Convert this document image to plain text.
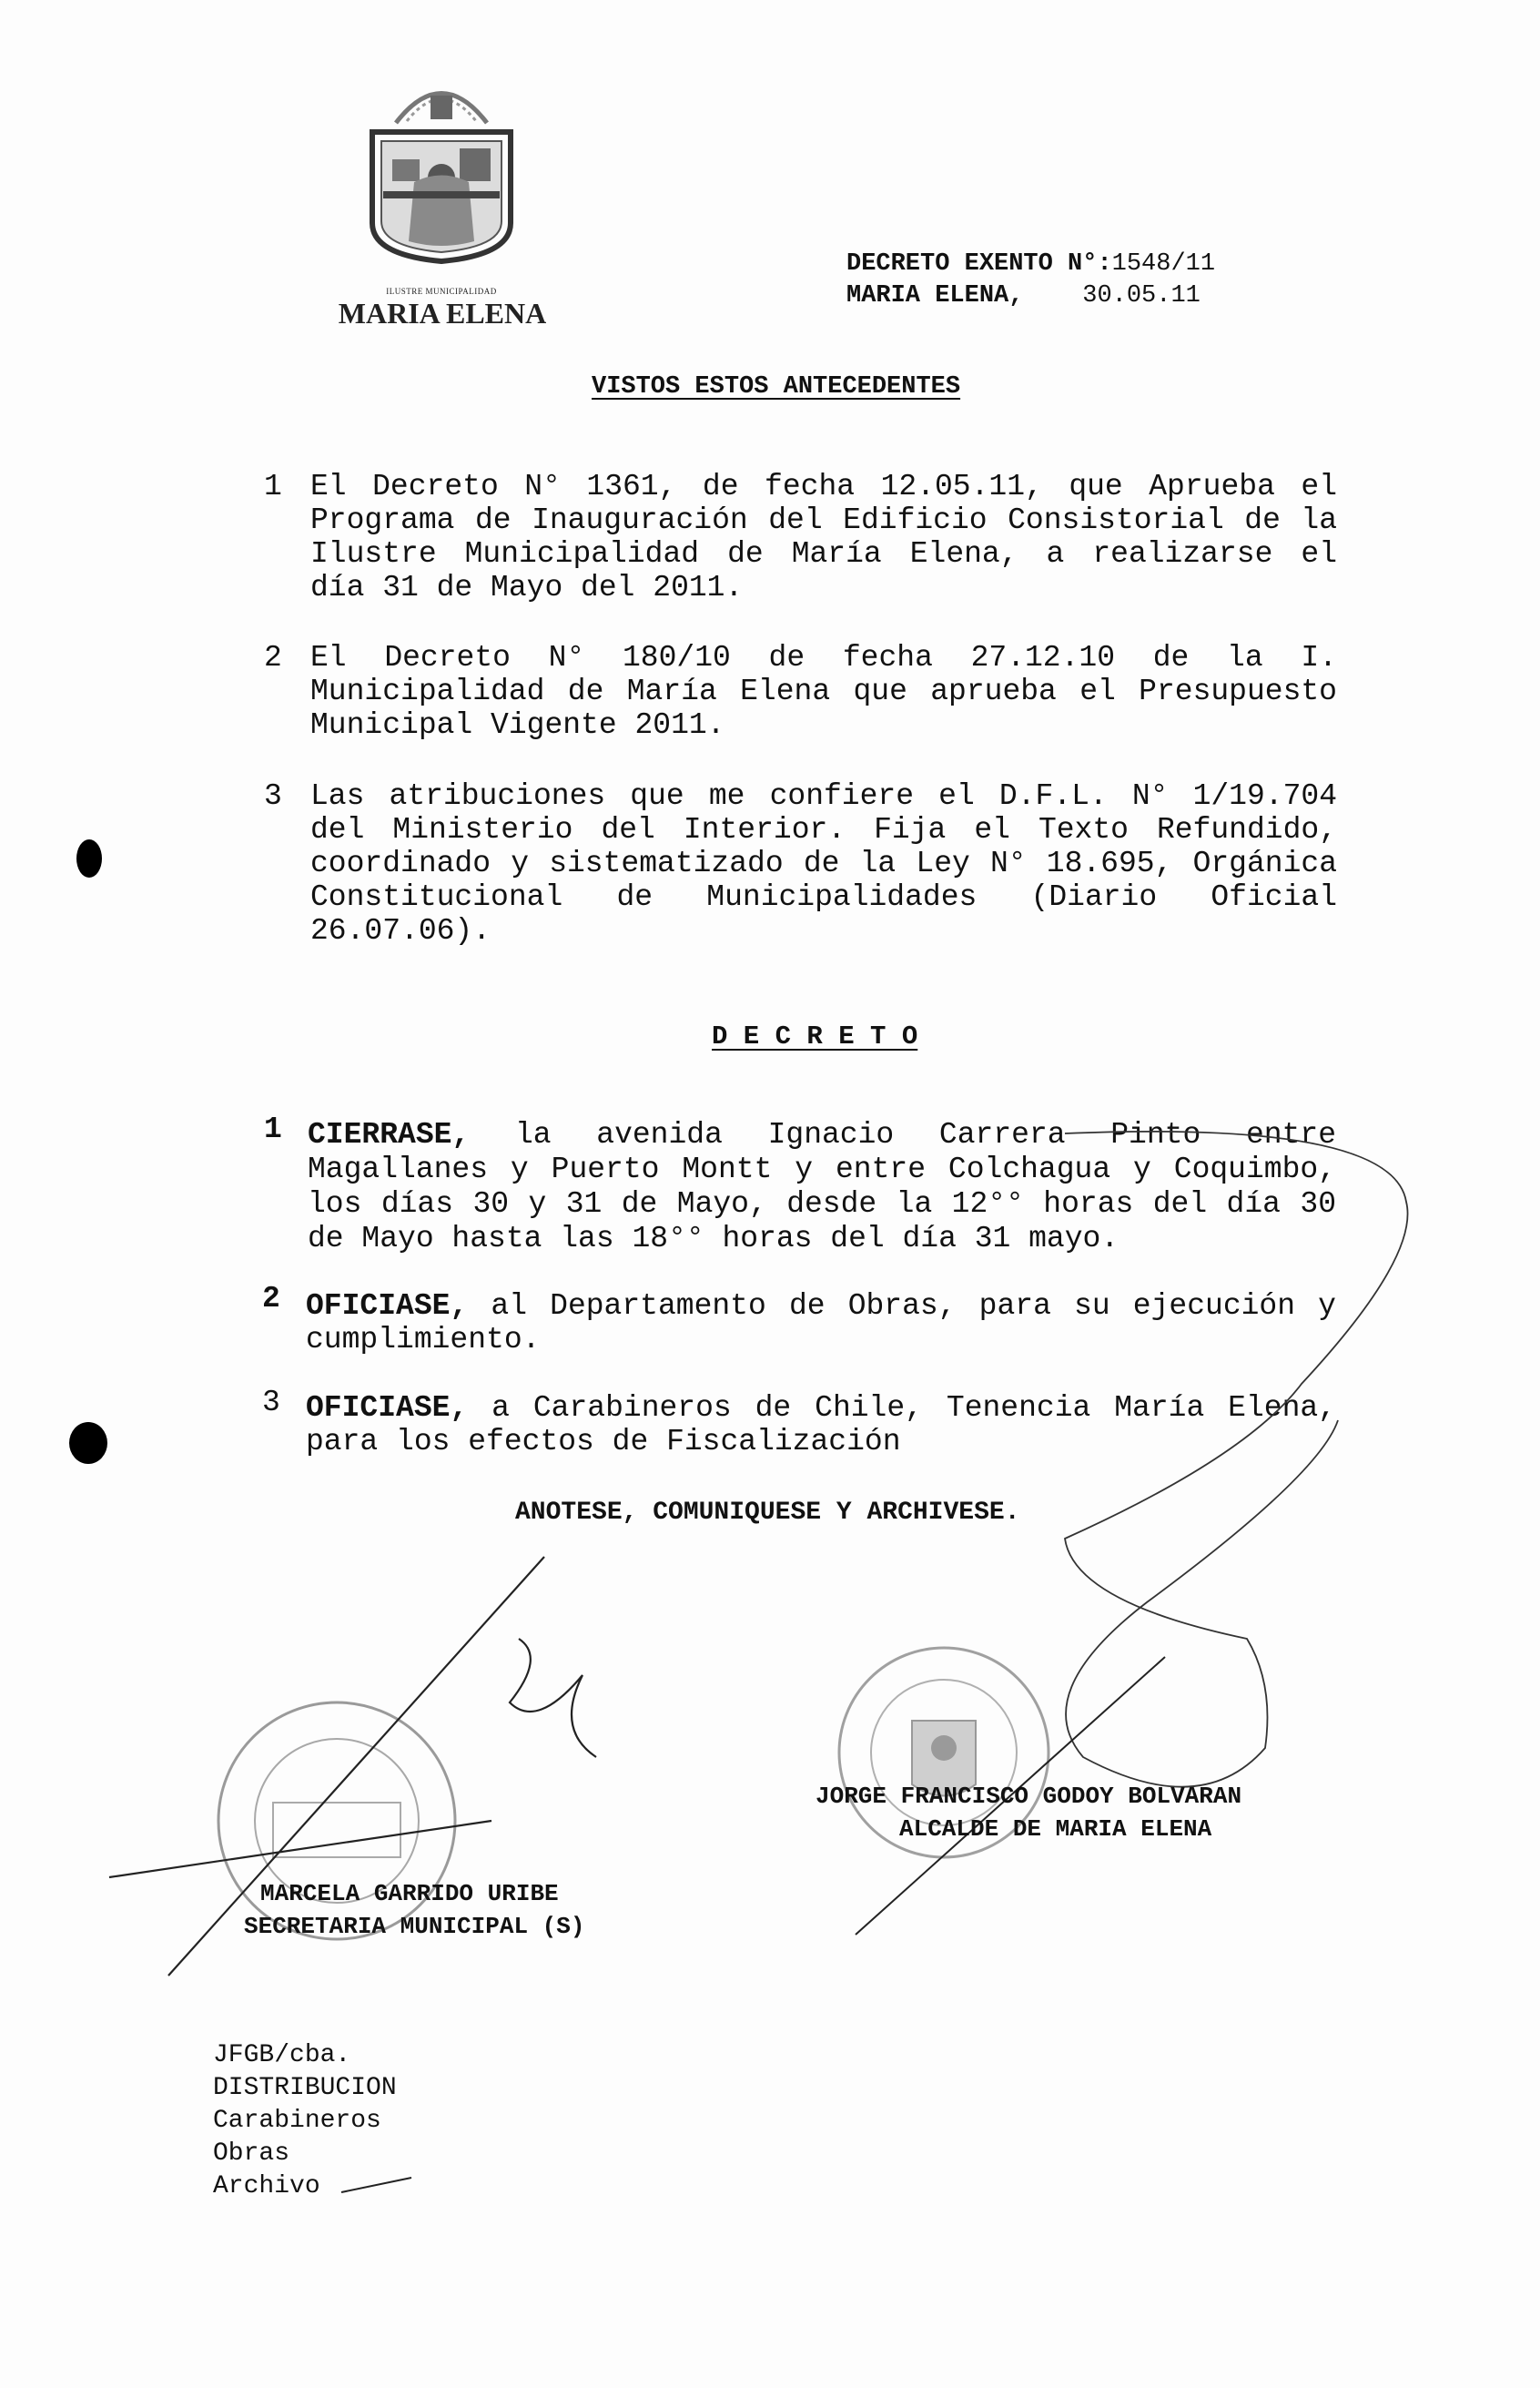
ILUSTRE MUNICIPALIDAD
MARIA ELENA
DECRETO EXENTO N°:1548/11
MARIA ELENA, 30.05.11
VISTOS ESTOS ANTECEDENTES
1 El Decreto N° 1361, de fecha 12.05.11, que Aprueba el Programa de Inauguración del Edificio Consistorial de la Ilustre Municipalidad de María Elena, a realizarse el día 31 de Mayo del 2011.
2 El Decreto N° 180/10 de fecha 27.12.10 de la I. Municipalidad de María Elena que aprueba el Presupuesto Municipal Vigente 2011.
3 Las atribuciones que me confiere el D.F.L. N° 1/19.704 del Ministerio del Interior. Fija el Texto Refundido, coordinado y sistematizado de la Ley N° 18.695, Orgánica Constitucional de Municipalidades (Diario Oficial 26.07.06).
D E C R E T O
1 CIERRASE, la avenida Ignacio Carrera Pinto entre Magallanes y Puerto Montt y entre Colchagua y Coquimbo, los días 30 y 31 de Mayo, desde la 12°° horas del día 30 de Mayo hasta las 18°° horas del día 31 mayo.
2 OFICIASE, al Departamento de Obras, para su ejecución y cumplimiento.
3 OFICIASE, a Carabineros de Chile, Tenencia María Elena, para los efectos de Fiscalización
ANOTESE, COMUNIQUESE Y ARCHIVESE.
MARCELA GARRIDO URIBE
SECRETARIA MUNICIPAL (S)
JORGE FRANCISCO GODOY BOLVARAN
ALCALDE DE MARIA ELENA
JFGB/cba.
DISTRIBUCION
Carabineros
Obras
Archivo
